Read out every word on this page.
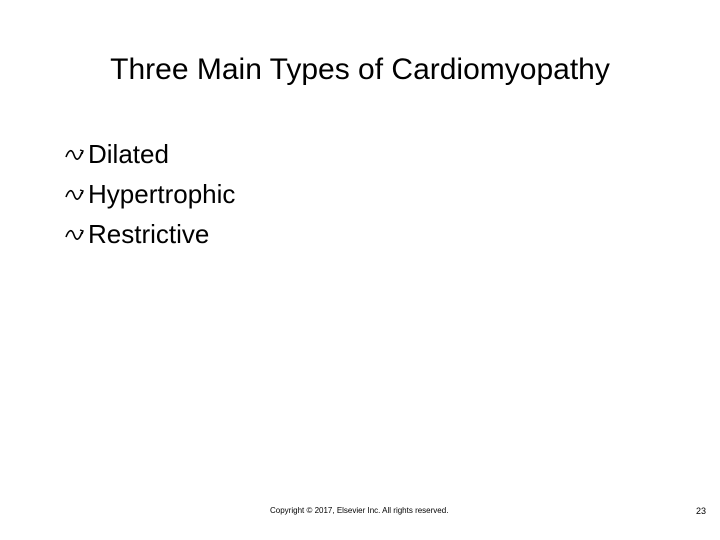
Three Main Types of Cardiomyopathy
Dilated
Hypertrophic
Restrictive
Copyright © 2017, Elsevier Inc. All rights reserved.	23
